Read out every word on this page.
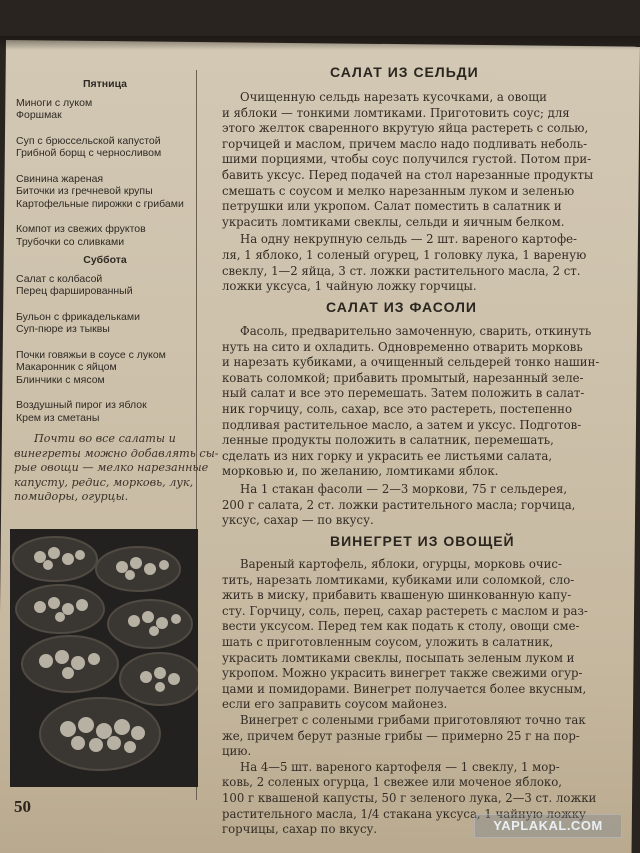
Пятница
Миноги с луком
Форшмак
Суп с брюссельской капустой
Грибной борщ с черносливом
Свинина жареная
Биточки из гречневой крупы
Картофельные пирожки с грибами
Компот из свежих фруктов
Трубочки со сливками
Суббота
Салат с колбасой
Перец фаршированный
Бульон с фрикадельками
Суп-пюре из тыквы
Почки говяжьи в соусе с луком
Макаронник с яйцом
Блинчики с мясом
Воздушный пирог из яблок
Крем из сметаны
Почти во все салаты и
винегреты можно добавлять сы-
рые овощи — мелко нарезанные
капусту, редис, морковь, лук,
помидоры, огурцы.
50
САЛАТ ИЗ СЕЛЬДИ
Очищенную сельдь нарезать кусочками, а овощи
и яблоки — тонкими ломтиками. Приготовить соус; для
этого желток сваренного вкрутую яйца растереть с солью,
горчицей и маслом, причем масло надо подливать неболь-
шими порциями, чтобы соус получился густой. Потом при-
бавить уксус. Перед подачей на стол нарезанные продукты
смешать с соусом и мелко нарезанным луком и зеленью
петрушки или укропом. Салат поместить в салатник и
украсить ломтиками свеклы, сельди и яичным белком.
На одну некрупную сельдь — 2 шт. вареного картофе-
ля, 1 яблоко, 1 соленый огурец, 1 головку лука, 1 вареную
свеклу, 1—2 яйца, 3 ст. ложки растительного масла, 2 ст.
ложки уксуса, 1 чайную ложку горчицы.
САЛАТ ИЗ ФАСОЛИ
Фасоль, предварительно замоченную, сварить, откинуть
нуть на сито и охладить. Одновременно отварить морковь
и нарезать кубиками, а очищенный сельдерей тонко нашин-
ковать соломкой; прибавить промытый, нарезанный зеле-
ный салат и все это перемешать. Затем положить в салат-
ник горчицу, соль, сахар, все это растереть, постепенно
подливая растительное масло, а затем и уксус. Подготов-
ленные продукты положить в салатник, перемешать,
сделать из них горку и украсить ее листьями салата,
морковью и, по желанию, ломтиками яблок.
На 1 стакан фасоли — 2—3 моркови, 75 г сельдерея,
200 г салата, 2 ст. ложки растительного масла; горчица,
уксус, сахар — по вкусу.
ВИНЕГРЕТ ИЗ ОВОЩЕЙ
Вареный картофель, яблоки, огурцы, морковь очис-
тить, нарезать ломтиками, кубиками или соломкой, сло-
жить в миску, прибавить квашеную шинкованную капу-
сту. Горчицу, соль, перец, сахар растереть с маслом и раз-
вести уксусом. Перед тем как подать к столу, овощи сме-
шать с приготовленным соусом, уложить в салатник,
украсить ломтиками свеклы, посыпать зеленым луком и
укропом. Можно украсить винегрет также свежими огур-
цами и помидорами. Винегрет получается более вкусным,
если его заправить соусом майонез.
Винегрет с солеными грибами приготовляют точно так
же, причем берут разные грибы — примерно 25 г на пор-
цию.
На 4—5 шт. вареного картофеля — 1 свеклу, 1 мор-
ковь, 2 соленых огурца, 1 свежее или моченое яблоко,
100 г квашеной капусты, 50 г зеленого лука, 2—3 ст. ложки
растительного масла, 1/4 стакана уксуса, 1 чайную ложку
горчицы, сахар по вкусу.	YAPLAKAL.COM
